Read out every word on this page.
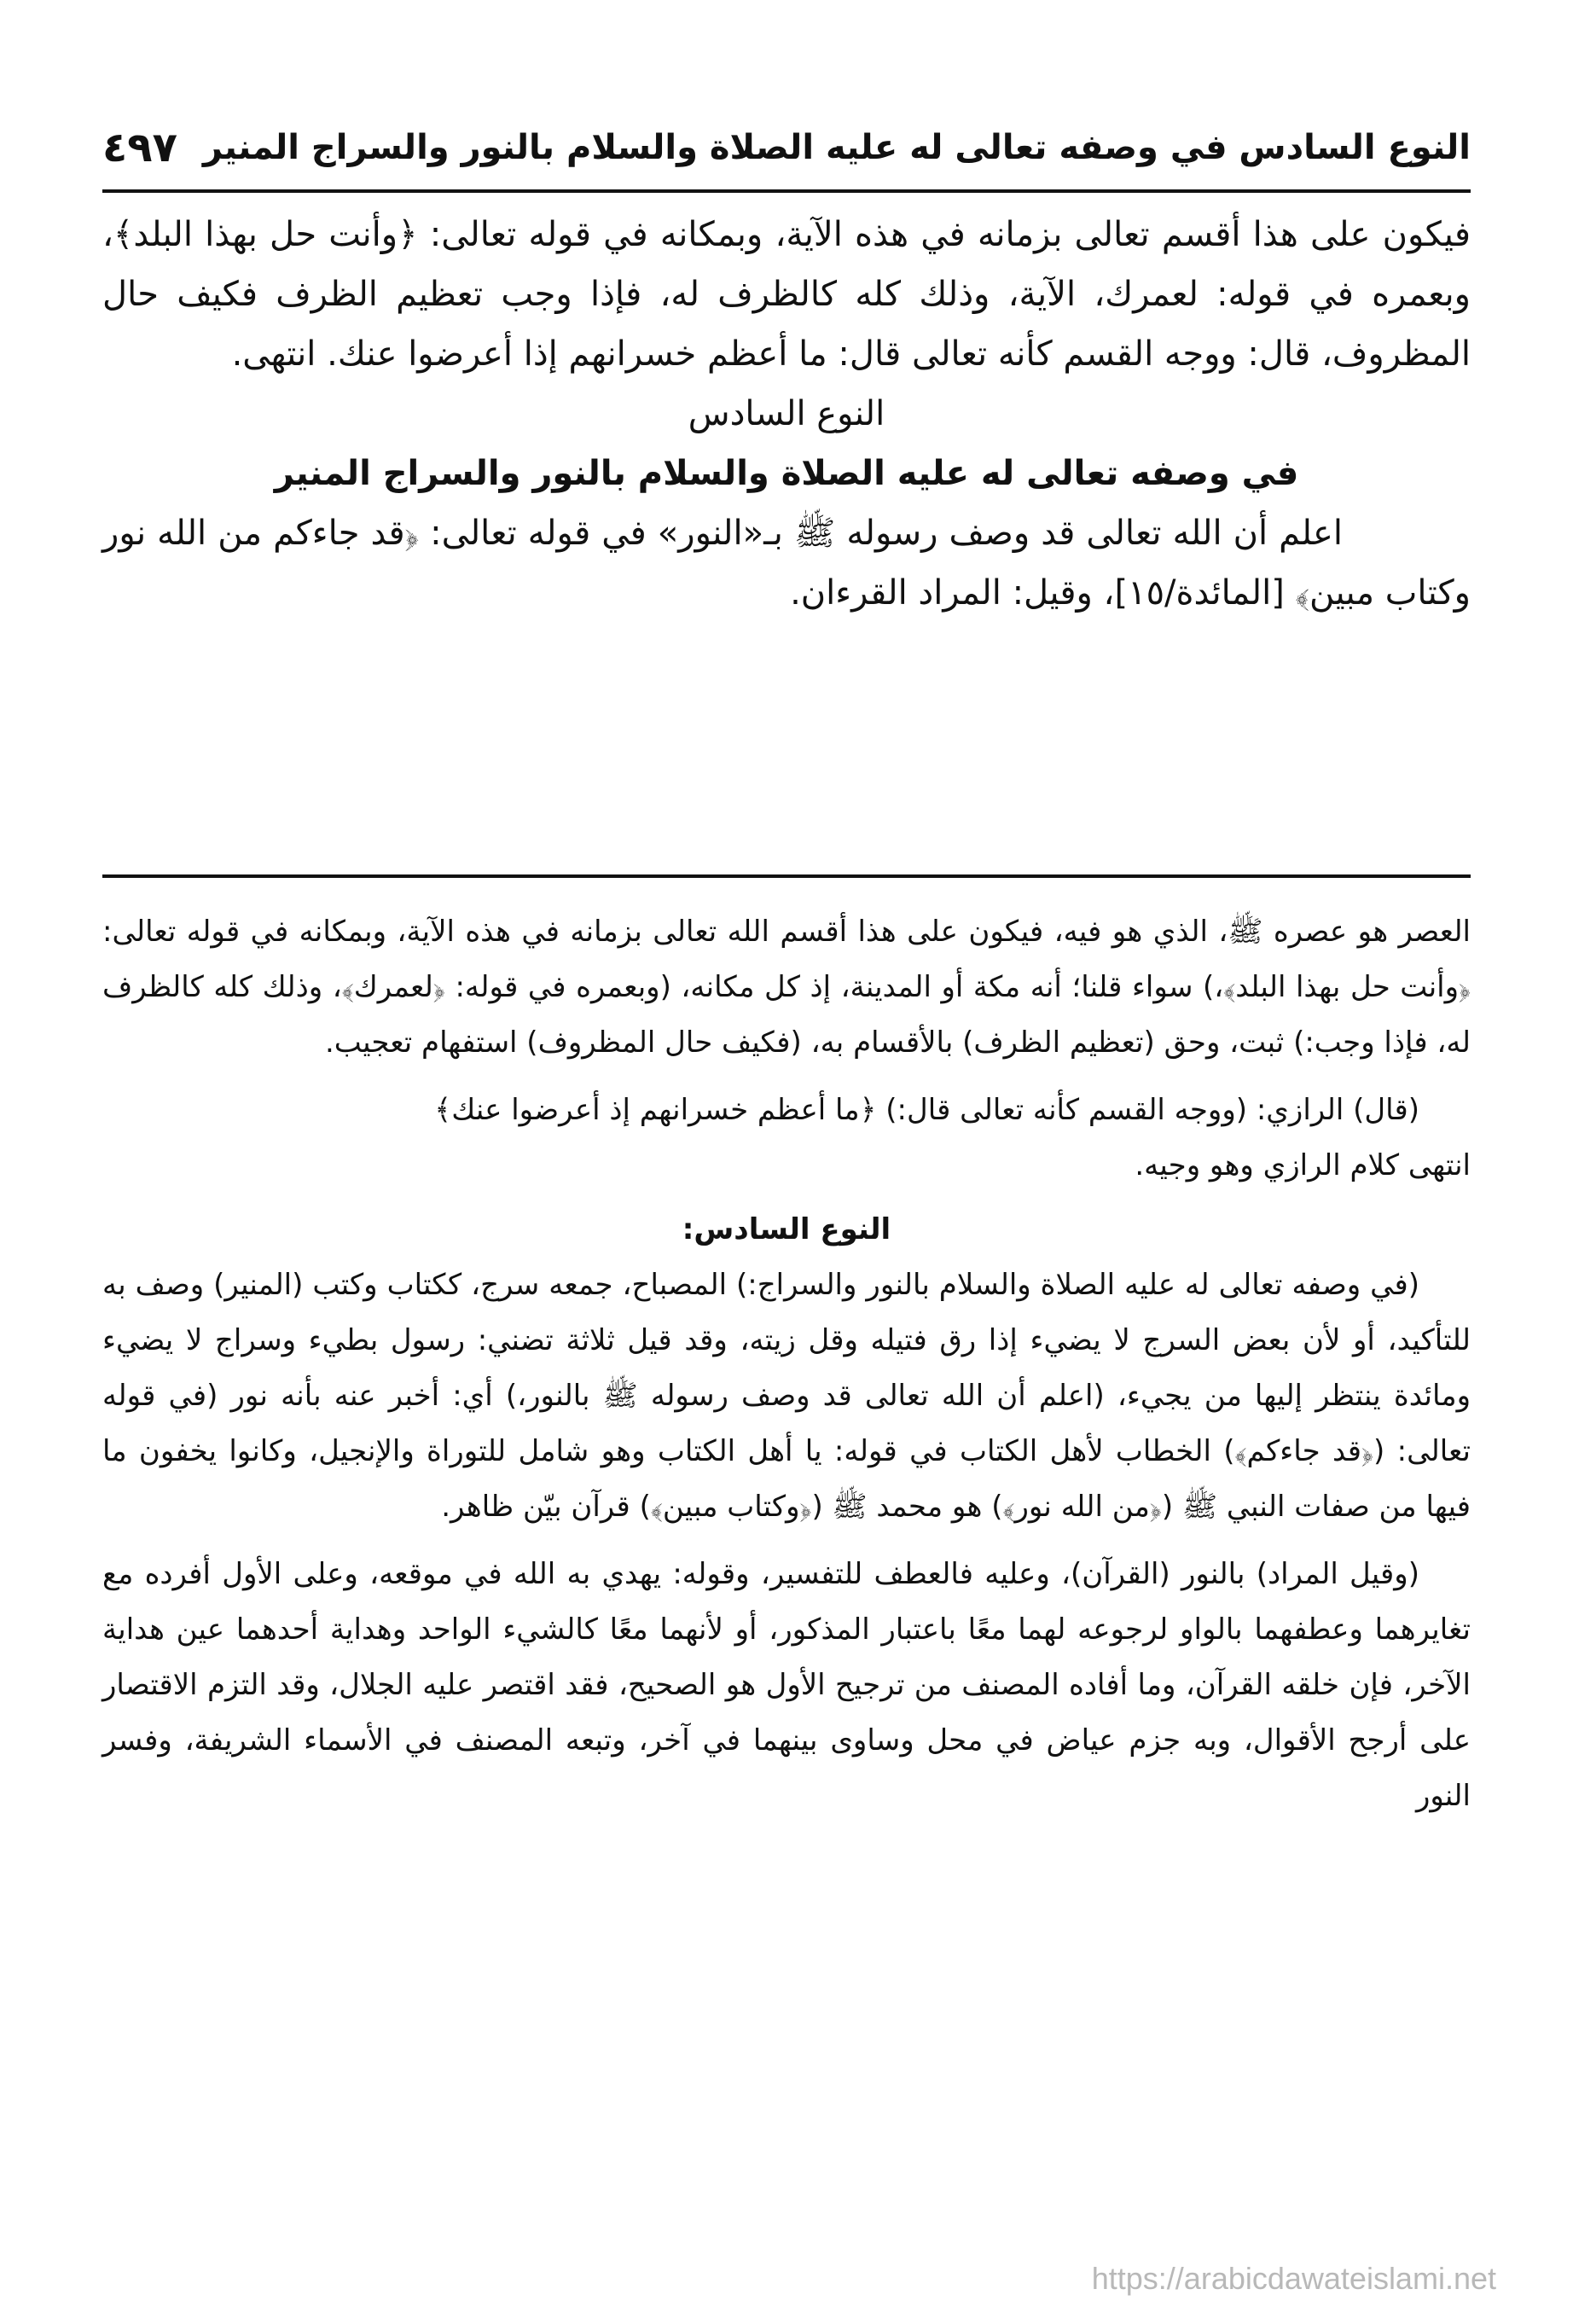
النوع السادس في وصفه تعالى له عليه الصلاة والسلام بالنور والسراج المنير
٤٩٧

فيكون على هذا أقسم تعالى بزمانه في هذه الآية، وبمكانه في قوله تعالى: ﴿وأنت حل بهذا البلد﴾، وبعمره في قوله: لعمرك، الآية، وذلك كله كالظرف له، فإذا وجب تعظيم الظرف فكيف حال المظروف، قال: ووجه القسم كأنه تعالى قال: ما أعظم خسرانهم إذا أعرضوا عنك. انتهى.

النوع السادس

في وصفه تعالى له عليه الصلاة والسلام بالنور والسراج المنير

اعلم أن الله تعالى قد وصف رسوله ﷺ بـ«النور» في قوله تعالى: ﴿قد جاءكم من الله نور وكتاب مبين﴾ [المائدة/١٥]، وقيل: المراد القرءان.

العصر هو عصره ﷺ، الذي هو فيه، فيكون على هذا أقسم الله تعالى بزمانه في هذه الآية، وبمكانه في قوله تعالى: ﴿وأنت حل بهذا البلد﴾،) سواء قلنا؛ أنه مكة أو المدينة، إذ كل مكانه، (وبعمره في قوله: ﴿لعمرك﴾، وذلك كله كالظرف له، فإذا وجب:) ثبت، وحق (تعظيم الظرف) بالأقسام به، (فكيف حال المظروف) استفهام تعجيب.

(قال) الرازي: (ووجه القسم كأنه تعالى قال:) ﴿ما أعظم خسرانهم إذ أعرضوا عنك﴾

انتهى كلام الرازي وهو وجيه.

النوع السادس:

(في وصفه تعالى له عليه الصلاة والسلام بالنور والسراج:) المصباح، جمعه سرج، ككتاب وكتب (المنير) وصف به للتأكيد، أو لأن بعض السرج لا يضيء إذا رق فتيله وقل زيته، وقد قيل ثلاثة تضني: رسول بطيء وسراج لا يضيء ومائدة ينتظر إليها من يجيء، (اعلم أن الله تعالى قد وصف رسوله ﷺ بالنور،) أي: أخبر عنه بأنه نور (في قوله تعالى: (﴿قد جاءكم﴾) الخطاب لأهل الكتاب في قوله: يا أهل الكتاب وهو شامل للتوراة والإنجيل، وكانوا يخفون ما فيها من صفات النبي ﷺ (﴿من الله نور﴾) هو محمد ﷺ (﴿وكتاب مبين﴾) قرآن بيّن ظاهر.

(وقيل المراد) بالنور (القرآن)، وعليه فالعطف للتفسير، وقوله: يهدي به الله في موقعه، وعلى الأول أفرده مع تغايرهما وعطفهما بالواو لرجوعه لهما معًا باعتبار المذكور، أو لأنهما معًا كالشيء الواحد وهداية أحدهما عين هداية الآخر، فإن خلقه القرآن، وما أفاده المصنف من ترجيح الأول هو الصحيح، فقد اقتصر عليه الجلال، وقد التزم الاقتصار على أرجح الأقوال، وبه جزم عياض في محل وساوى بينهما في آخر، وتبعه المصنف في الأسماء الشريفة، وفسر النور

https://arabicdawateislami.net
